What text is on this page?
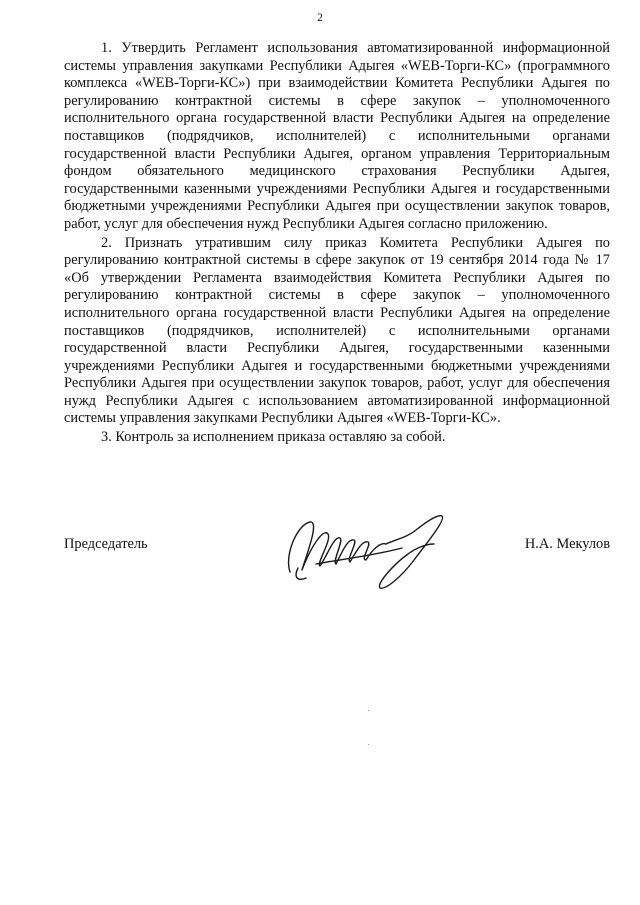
2

1. Утвердить Регламент использования автоматизированной информационной системы управления закупками Республики Адыгея «WEB-Торги-КС» (программного комплекса «WEB-Торги-КС») при взаимодействии Комитета Республики Адыгея по регулированию контрактной системы в сфере закупок – уполномоченного исполнительного органа государственной власти Республики Адыгея на определение поставщиков (подрядчиков, исполнителей) с исполнительными органами государственной власти Республики Адыгея, органом управления Территориальным фондом обязательного медицинского страхования Республики Адыгея, государственными казенными учреждениями Республики Адыгея и государственными бюджетными учреждениями Республики Адыгея при осуществлении закупок товаров, работ, услуг для обеспечения нужд Республики Адыгея согласно приложению.

2. Признать утратившим силу приказ Комитета Республики Адыгея по регулированию контрактной системы в сфере закупок от 19 сентября 2014 года № 17 «Об утверждении Регламента взаимодействия Комитета Республики Адыгея по регулированию контрактной системы в сфере закупок – уполномоченного исполнительного органа государственной власти Республики Адыгея на определение поставщиков (подрядчиков, исполнителей) с исполнительными органами государственной власти Республики Адыгея, государственными казенными учреждениями Республики Адыгея и государственными бюджетными учреждениями Республики Адыгея при осуществлении закупок товаров, работ, услуг для обеспечения нужд Республики Адыгея с использованием автоматизированной информационной системы управления закупками Республики Адыгея «WEB-Торги-КС».

3. Контроль за исполнением приказа оставляю за собой.

Председатель	Н.А. Мекулов
